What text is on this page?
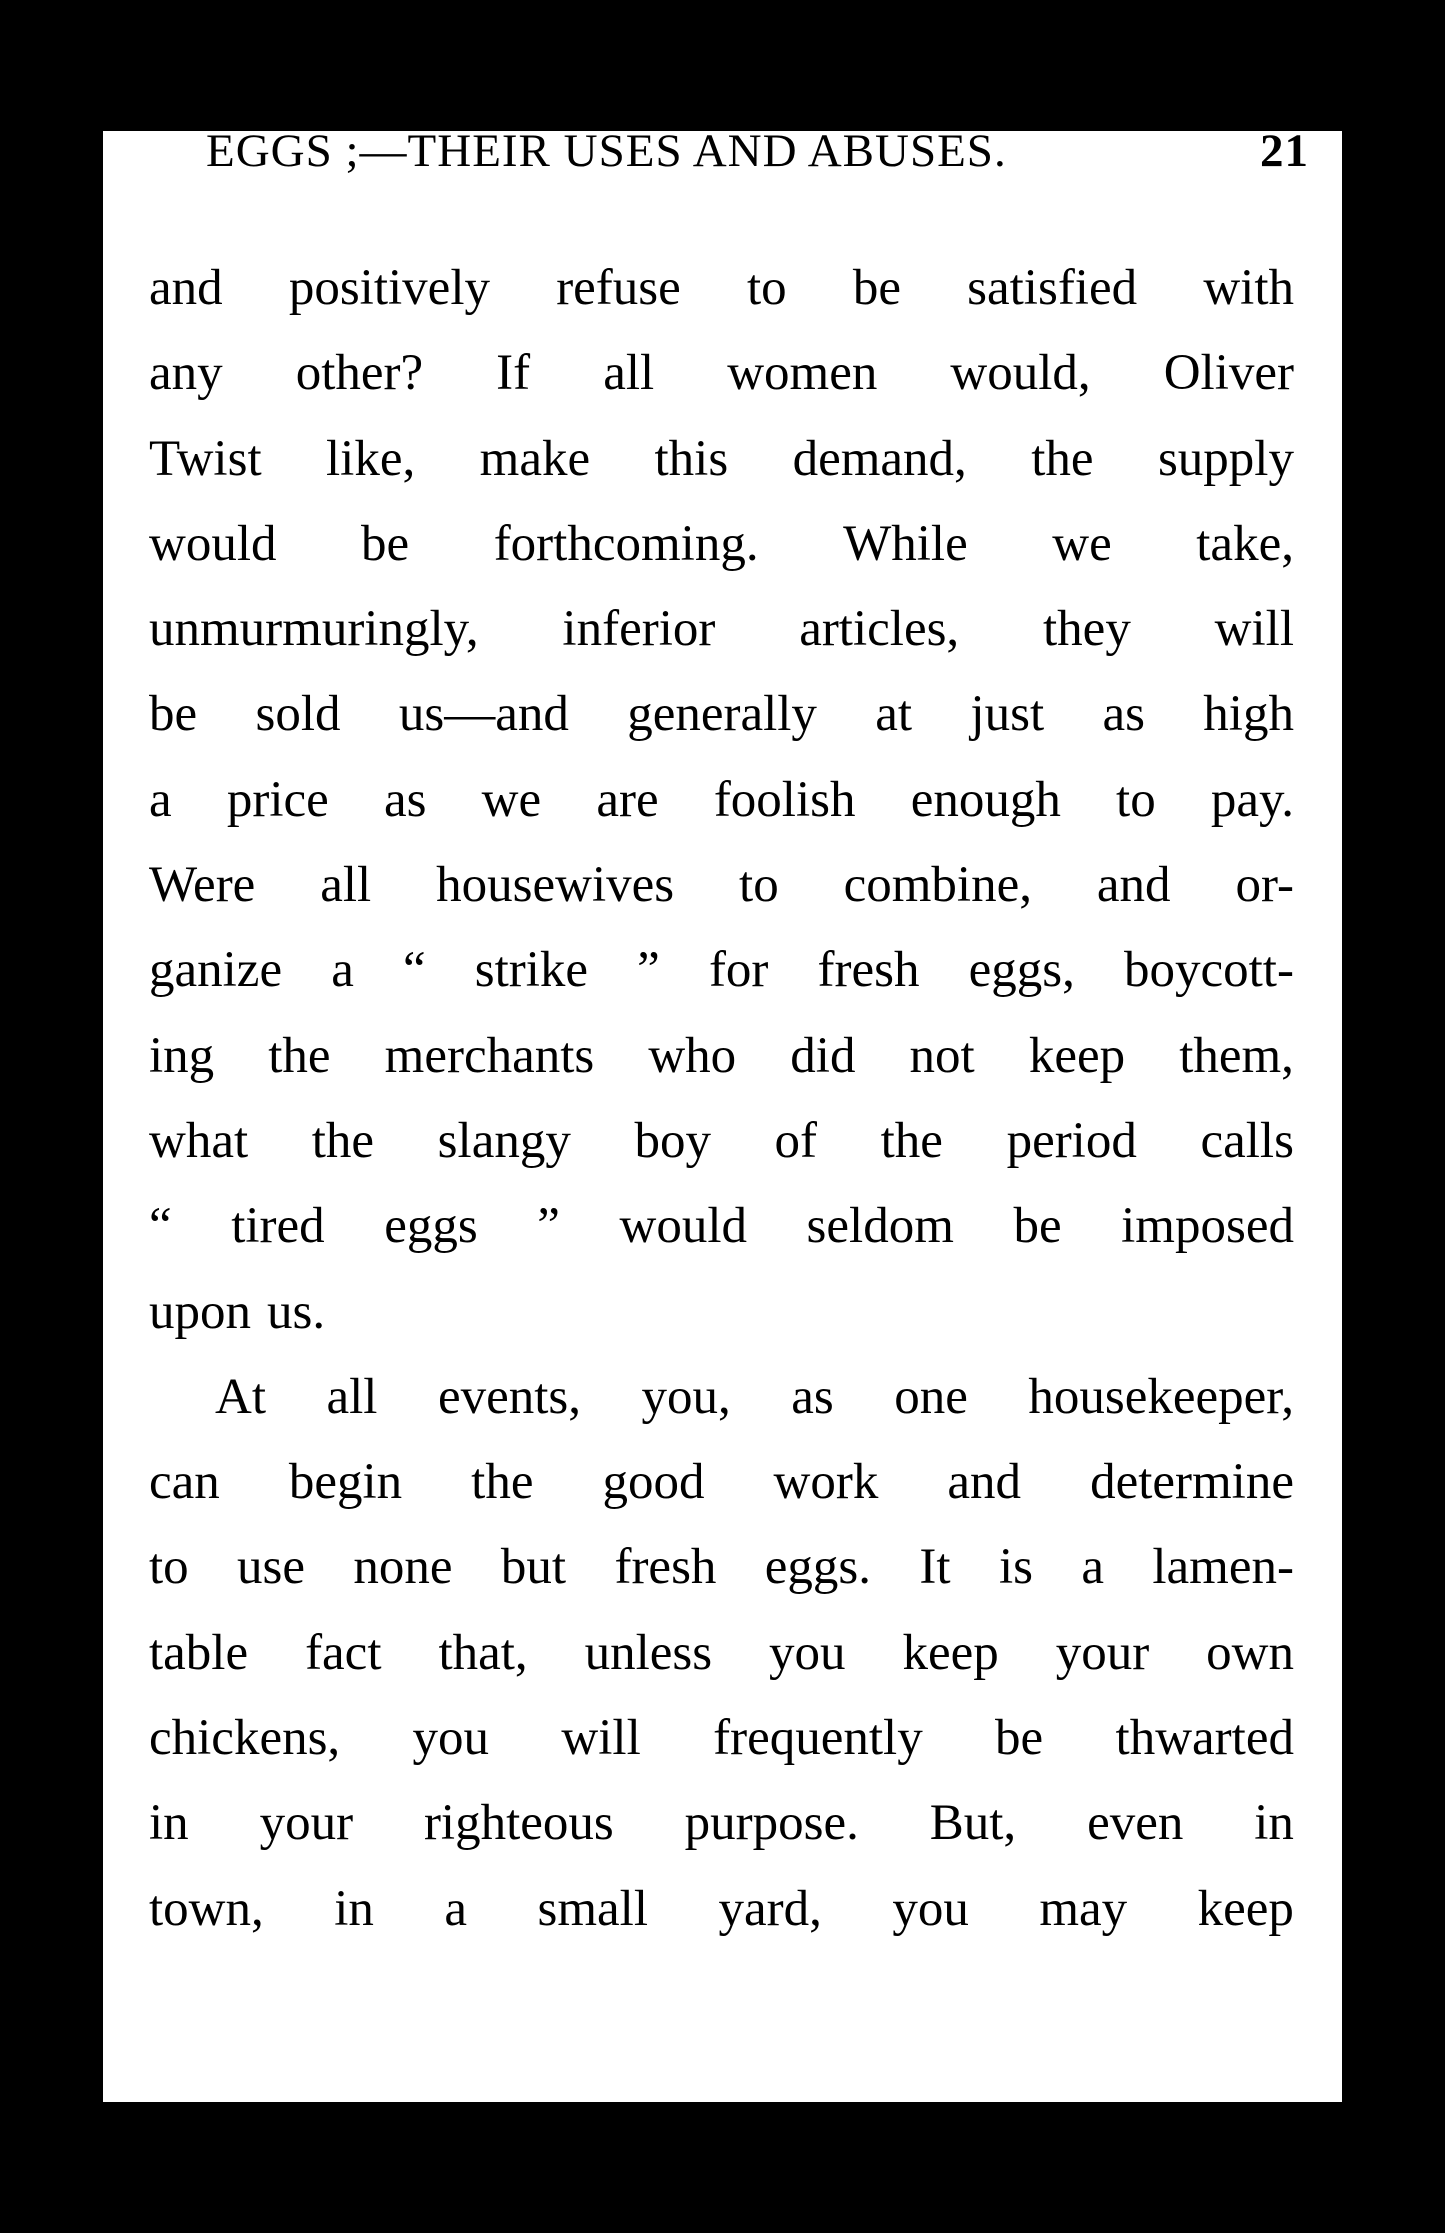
EGGS ;—THEIR USES AND ABUSES.	21
and positively refuse to be satisfied with
any other? If all women would, Oliver
Twist like, make this demand, the supply
would be forthcoming. While we take,
unmurmuringly, inferior articles, they will
be sold us—and generally at just as high
a price as we are foolish enough to pay.
Were all housewives to combine, and or-
ganize a “ strike ” for fresh eggs, boycott-
ing the merchants who did not keep them,
what the slangy boy of the period calls
“ tired eggs ” would seldom be imposed
upon us.
At all events, you, as one housekeeper,
can begin the good work and determine
to use none but fresh eggs. It is a lamen-
table fact that, unless you keep your own
chickens, you will frequently be thwarted
in your righteous purpose. But, even in
town, in a small yard, you may keep
